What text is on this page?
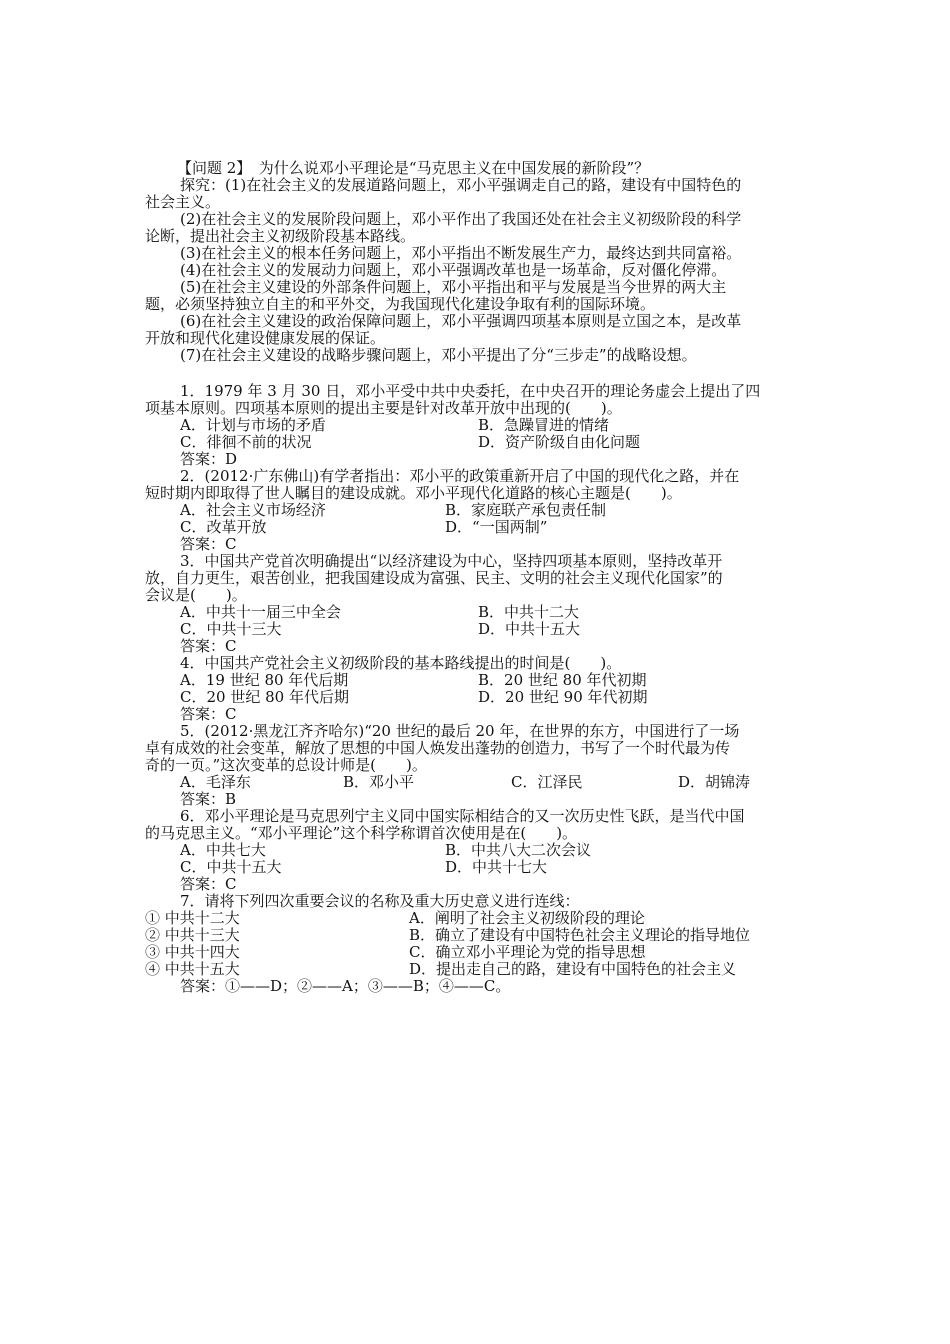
【问题 2】　为什么说邓小平理论是“马克思主义在中国发展的新阶段”？
探究：(1)在社会主义的发展道路问题上，邓小平强调走自己的路，建设有中国特色的
社会主义。
(2)在社会主义的发展阶段问题上，邓小平作出了我国还处在社会主义初级阶段的科学
论断，提出社会主义初级阶段基本路线。
(3)在社会主义的根本任务问题上，邓小平指出不断发展生产力，最终达到共同富裕。
(4)在社会主义的发展动力问题上，邓小平强调改革也是一场革命，反对僵化停滞。
(5)在社会主义建设的外部条件问题上，邓小平指出和平与发展是当今世界的两大主
题，必须坚持独立自主的和平外交，为我国现代化建设争取有利的国际环境。
(6)在社会主义建设的政治保障问题上，邓小平强调四项基本原则是立国之本，是改革
开放和现代化建设健康发展的保证。
(7)在社会主义建设的战略步骤问题上，邓小平提出了分“三步走”的战略设想。
1．1979 年 3 月 30 日，邓小平受中共中央委托，在中央召开的理论务虚会上提出了四
项基本原则。四项基本原则的提出主要是针对改革开放中出现的(　　)。
A．计划与市场的矛盾	B．急躁冒进的情绪
C．徘徊不前的状况	D．资产阶级自由化问题
答案：D
2．(2012·广东佛山)有学者指出：邓小平的政策重新开启了中国的现代化之路，并在
短时期内即取得了世人瞩目的建设成就。邓小平现代化道路的核心主题是(　　)。
A．社会主义市场经济	B．家庭联产承包责任制
C．改革开放	D．“一国两制”
答案：C
3．中国共产党首次明确提出“以经济建设为中心，坚持四项基本原则，坚持改革开
放，自力更生，艰苦创业，把我国建设成为富强、民主、文明的社会主义现代化国家”的
会议是(　　)。
A．中共十一届三中全会	B．中共十二大
C．中共十三大	D．中共十五大
答案：C
4．中国共产党社会主义初级阶段的基本路线提出的时间是(　　)。
A．19 世纪 80 年代后期	B．20 世纪 80 年代初期
C．20 世纪 80 年代后期	D．20 世纪 90 年代初期
答案：C
5．(2012·黑龙江齐齐哈尔)“20 世纪的最后 20 年，在世界的东方，中国进行了一场
卓有成效的社会变革，解放了思想的中国人焕发出蓬勃的创造力，书写了一个时代最为传
奇的一页。”这次变革的总设计师是(　　)。
A．毛泽东	B．邓小平	C．江泽民	D．胡锦涛
答案：B
6．邓小平理论是马克思列宁主义同中国实际相结合的又一次历史性飞跃，是当代中国
的马克思主义。“邓小平理论”这个科学称谓首次使用是在(　　)。
A．中共七大	B．中共八大二次会议
C．中共十五大	D．中共十七大
答案：C
7．请将下列四次重要会议的名称及重大历史意义进行连线：
① 中共十二大	A．阐明了社会主义初级阶段的理论
② 中共十三大	B．确立了建设有中国特色社会主义理论的指导地位
③ 中共十四大	C．确立邓小平理论为党的指导思想
④ 中共十五大	D．提出走自己的路，建设有中国特色的社会主义
答案：①——D；②——A；③——B；④——C。
